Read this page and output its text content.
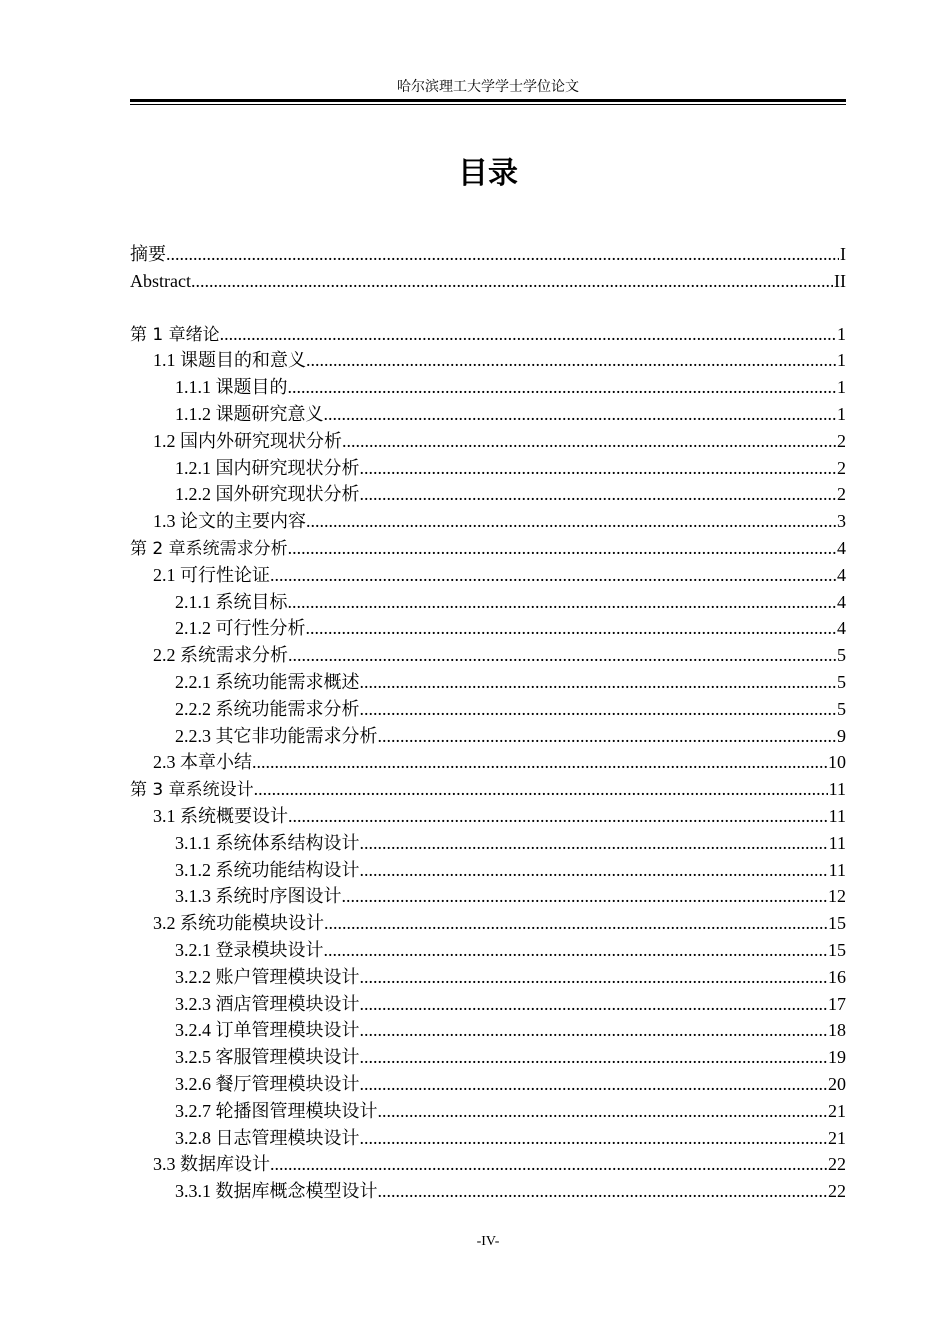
哈尔滨理工大学学士学位论文
目录
摘要 .....	I
Abstract .....	II
第 1 章绪论 .....	1
1.1 课题目的和意义 .....	1
1.1.1 课题目的 .....	1
1.1.2 课题研究意义 .....	1
1.2 国内外研究现状分析 .....	2
1.2.1 国内研究现状分析 .....	2
1.2.2 国外研究现状分析 .....	2
1.3 论文的主要内容 .....	3
第 2 章系统需求分析 .....	4
2.1 可行性论证 .....	4
2.1.1 系统目标 .....	4
2.1.2 可行性分析 .....	4
2.2 系统需求分析 .....	5
2.2.1 系统功能需求概述 .....	5
2.2.2 系统功能需求分析 .....	5
2.2.3 其它非功能需求分析 .....	9
2.3 本章小结 .....	10
第 3 章系统设计 .....	11
3.1 系统概要设计 .....	11
3.1.1 系统体系结构设计 .....	11
3.1.2 系统功能结构设计 .....	11
3.1.3 系统时序图设计 .....	12
3.2 系统功能模块设计 .....	15
3.2.1 登录模块设计 .....	15
3.2.2 账户管理模块设计 .....	16
3.2.3 酒店管理模块设计 .....	17
3.2.4 订单管理模块设计 .....	18
3.2.5 客服管理模块设计 .....	19
3.2.6 餐厅管理模块设计 .....	20
3.2.7 轮播图管理模块设计 .....	21
3.2.8 日志管理模块设计 .....	21
3.3 数据库设计 .....	22
3.3.1 数据库概念模型设计 .....	22
-IV-
